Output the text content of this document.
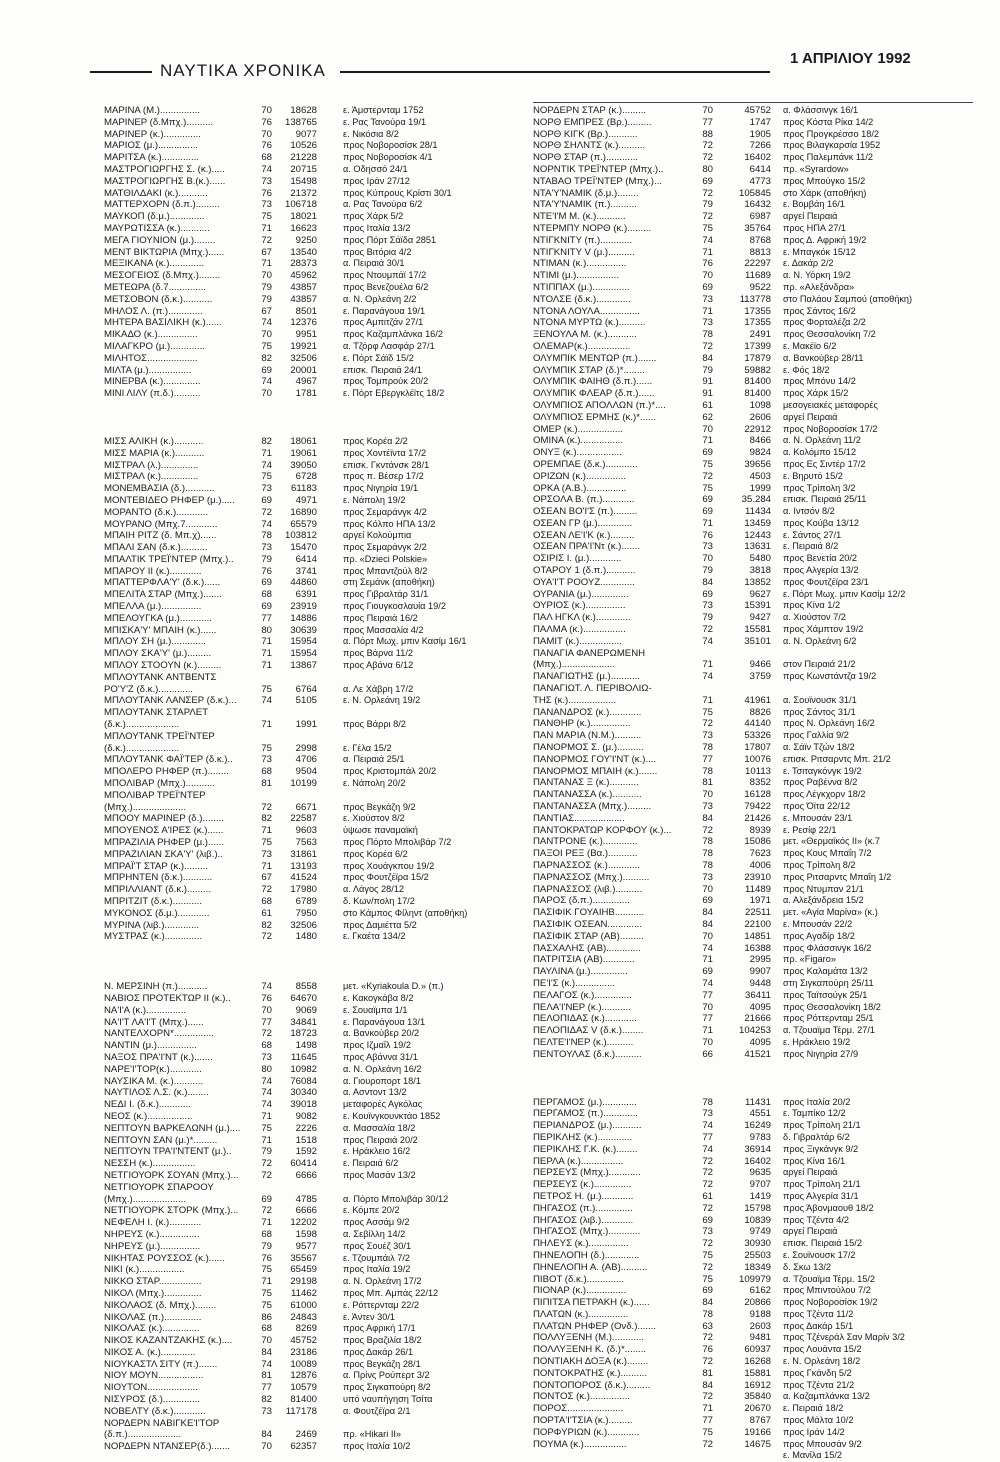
ΝΑΥΤΙΚΑ ΧΡΟΝΙΚΑ
1 ΑΠΡΙΛΙΟΥ 1992
ΜΑΡΙΝΑ (Μ.)...............	70	18628	ε. Άμστερνταμ 1752
ΜΑΡΙΝΕΡ (δ.Μπχ.)..........	76	138765	ε. Ρας Τανούρα 19/1
ΜΑΡΙΝΕΡ (κ.)..............	70	9077	ε. Νικόσια 8/2
ΜΑΡΙΟΣ (μ.)...............	76	10526	προς Νοβοροσίσκ 28/1
ΜΑΡΙΤΣΑ (κ.)..............	68	21228	προς Νοβοροσίσκ 4/1
ΜΑΣΤΡΟΓΙΩΡΓΗΣ Σ. (κ.).....	74	20715	α. Οδησσό 24/1
ΜΑΣΤΡΟΓΙΩΡΓΗΣ Β.(κ.)......	73	15498	προς Ιράν 27/12
ΜΑΤΘΙΛΔΑΚΙ (κ.)...........	76	21372	προς Κύπρους Κρίστι 30/1
ΜΑΤΤΕΡΧΟΡΝ (δ.π.).........	73	106718	α. Ρας Τανούρα 6/2
ΜΑΥΚΟΠ (δ.μ.).............	75	18021	προς Χάρκ 5/2
ΜΑΥΡΩΤΙΣΣΑ (κ.)...........	71	16623	προς Ιταλία 13/2
ΜΕΓΑ ΓΙΟΥΝΙΟΝ (μ.)........	72	9250	προς Πόρτ Σάϊδα 2851
ΜΕΝΤ ΒΙΚΤΩΡΙΑ (Μπχ.)......	67	13540	προς Βιτόρια 4/2
ΜΕΞΙΚΑΝΑ (κ.).............	71	28373	α. Πειραιά 30/1
ΜΕΣΟΓΕΙΟΣ (δ.Μπχ.)........	70	45962	προς Ντουμπάϊ 17/2
ΜΕΤΕΩΡΑ (δ.7..............	79	43857	προς Βενεζουέλα 6/2
ΜΕΤΣΟΒΟΝ (δ.κ.)...........	79	43857	α. Ν. Ορλεάνη 2/2
ΜΗΛΟΣ Λ. (π.).............	67	8501	ε. Παρανάγουα 19/1
ΜΗΤΕΡΑ ΒΑΣΙΛΙΚΗ (κ.)......	74	12376	προς Αμπιτζάν 27/1
ΜΙΚΑΔΟ (κ.)...............	70	9951	προς Καζαμπλάνκα 16/2
ΜΙΛΑΓΚΡΟ (μ.).............	75	19921	α. Τζόρφ Λασφάρ 27/1
ΜΙΛΗΤΟΣ...................	82	32506	ε. Πόρτ Σάϊδ 15/2
ΜΙΛΤΑ (μ.)................	69	20001	επισκ. Πειραιά 24/1
ΜΙΝΕΡΒΑ (κ.)..............	74	4967	προς Τομπρούκ 20/2
ΜΙΝΙ ΛΙΛΥ (π.δ.)..........	70	1781	ε. Πόρτ Εβεργκλέϊτς 18/2
ΜΙΣΣ ΑΛΙΚΗ (κ.)...........	82	18061	προς Κορέα 2/2
ΜΙΣΣ ΜΑΡΙΑ (κ.)...........	71	19061	προς Χοντέϊντα 17/2
ΜΙΣΤΡΑΛ (λ.)..............	74	39050	επισκ. Γκντάνσκ 28/1
ΜΙΣΤΡΑΛ (κ.)..............	75	6728	προς π. Βέσερ 17/2
ΜΟΝΕΜΒΑΣΙΑ (δ.)...........	73	61183	προς Νιγηρία 19/1
ΜΟΝΤΕΒΙΔΕΟ ΡΗΦΕΡ (μ.).....	69	4971	ε. Νάπολη 19/2
ΜΟΡΑΝΤΟ (δ.κ.)............	72	16890	προς Σεμαράνγκ 4/2
ΜΟΥΡΑΝΟ (Μπχ.7............	74	65579	προς Κόλπο ΗΠΑ 13/2
ΜΠΑΙΗ ΡΙΤΖ (δ. Μπ.χ)......	78	103812	αργεί Κολούμπια
ΜΠΑΛΙ ΣΑΝ (δ.κ.)..........	73	15470	προς Σεμαράνγκ 2/2
ΜΠΑΛΤΙΚ ΤΡΕΪ'ΝΤΕΡ (Μπχ.)..	79	6414	πρ. «Dzieci Polskie»
ΜΠΑΡΟΥ ΙΙ (κ.)............	76	3741	προς Μπαντζούλ 8/2
ΜΠΑΤΤΕΡΦΛΑ'Υ' (δ.κ.)......	69	44860	στη Σεμάνκ (αποθήκη)
ΜΠΕΛΙΤΑ ΣΤΑΡ (Μπχ.).......	68	6391	προς Γιβραλτάρ 31/1
ΜΠΕΛΛΑ (μ.)...............	69	23919	προς Γιουγκοσλαυία 19/2
ΜΠΕΛΟΥΓΚΑ (μ.)............	77	14886	προς Πειραιά 16/2
ΜΠΙΣΚΑ'Υ' ΜΠΑΙΗ (κ.)......	80	30639	προς Μασσαλία 4/2
ΜΠΛΟΥ ΣΗ (μ.).............	71	15954	α. Πόρτ Μωχ. μπιν Κασίμ 16/1
ΜΠΛΟΥ ΣΚΑ'Υ' (μ.).........	71	15954	προς Βάρνα 11/2
ΜΠΛΟΥ ΣΤΟΟΥΝ (κ.).........	71	13867	προς Αβάνα 6/12
ΜΠΛΟΥΤΑΝΚ ΑΝΤΒΕΝΤΣ
ΡΟ'Υ'Ζ (δ.κ.).............	75	6764	α. Λε Χάβρη 17/2
ΜΠΛΟΥΤΑΝΚ ΛΑΝΣΕΡ (δ.κ.)...	74	5105	ε. Ν. Ορλεάνη 19/2
ΜΠΛΟΥΤΑΝΚ ΣΤΑΡΛΕΤ
(δ.κ.)....................	71	1991	προς Βάρρι 8/2
ΜΠΛΟΥΤΑΝΚ ΤΡΕΪ'ΝΤΕΡ
(δ.κ.)....................	75	2998	ε. Γέλα 15/2
ΜΠΛΟΥΤΑΝΚ ΦΑΪ'ΤΕΡ (δ.κ.)..	73	4706	α. Πειραιά 25/1
ΜΠΟΛΕΡΟ ΡΗΦΕΡ (π.)........	68	9504	προς Κριστομπάλ 20/2
ΜΠΟΛΙΒΑΡ (Μπχ.)...........	81	10199	ε. Νάπολη 20/2
ΜΠΟΛΙΒΑΡ ΤΡΕΪ'ΝΤΕΡ
(Μπχ.)....................	72	6671	προς Βεγκάζη 9/2
ΜΠΟΟΥ ΜΑΡΙΝΕΡ (δ.)........	82	22587	ε. Χιούστον 8/2
ΜΠΟΥΕΝΟΣ Α'ΙΡΕΣ (κ.)......	71	9603	ύψωσε παναμαϊκή
ΜΠΡΑΖΙΛΙΑ ΡΗΦΕΡ (μ.)......	75	7563	προς Πόρτο Μπολιβάρ 7/2
ΜΠΡΑΖΙΛΙΑΝ ΣΚΑ'Υ' (λιβ.)..	73	31861	προς Κορέα 6/2
ΜΠΡΑΪ'Τ ΣΤΑΡ (κ.).........	71	13193	προς Χουάγκπου 19/2
ΜΠΡΗΝΤΕΝ (δ.κ.)...........	67	41524	προς Φουτζέϊρα 15/2
ΜΠΡΙΛΛΙΑΝΤ (δ.κ.).........	72	17980	α. Λάγος 28/12
ΜΠΡΙΤΖΙΤ (δ.κ.)...........	68	6789	δ. Κων/πολη 17/2
ΜΥΚΟΝΟΣ (δ.μ.)............	61	7950	στο Κάμπος Φίληντ (αποθήκη)
ΜΥΡΙΝΑ (λιβ.).............	82	32506	προς Δαμιέττα 5/2
ΜΥΣΤΡΑΣ (κ.)..............	72	1480	ε. Γκαέτα 134/2
Ν. ΜΕΡΣΙΝΗ (π.)...........	74	8558	μετ. «Kyriakoula D.» (π.)
ΝΑΒΙΟΣ ΠΡΟΤΕΚΤΩΡ ΙΙ (κ.)..	76	64670	ε. Κακογκάβα 8/2
ΝΑ'Ι'Α (κ.)...............	70	9069	ε. Σουαϊμπα 1/1
ΝΑ'Ι'Τ ΛΑ'Ι'Τ (Μπχ.)......	77	34841	ε. Παρανάγουα 13/1
ΝΑΝΤΕΛΧΟΡΝ*...............	72	18723	α. Βανκούβερ 20/2
ΝΑΝΤΙΝ (μ.)...............	68	1498	προς Ιζμαΐλ 19/2
ΝΑΞΟΣ ΠΡΑ'Ι'ΝΤ (κ.).......	73	11645	προς Αβάννα 31/1
ΝΑΡΕ'Ι'ΤΟΡ(κ.)............	80	10982	α. Ν. Ορλεάνη 16/2
ΝΑΥΣΙΚΑ Μ. (κ.)...........	74	76084	α. Γιουροπορτ 18/1
ΝΑΥΤΙΛΟΣ Λ.Σ. (κ.)........	74	30340	α. Ασντοντ 13/2
ΝΕΔΙ Ι. (δ.κ.)............	74	39018	μεταφορές Αγκόλας
ΝΕΟΣ (κ.).................	71	9082	ε. Κουϊνγκουνκτάο 1852
ΝΕΠΤΟΥΝ ΒΑΡΚΕΛΩΝΗ (μ.)....	75	2226	α. Μασσαλία 18/2
ΝΕΠΤΟΥΝ ΣΑΝ (μ.)*.........	71	1518	προς Πειραιά 20/2
ΝΕΠΤΟΥΝ ΤΡΑ'Ι'ΝΤΕΝΤ (μ.)..	79	1592	ε. Ηράκλειο 16/2
ΝΕΣΣΗ (κ.)................	72	60414	ε. Πειραιά 6/2
ΝΕΤΓΙΟΥΟΡΚ ΣΟΥΑΝ (Μπχ.)...	72	6666	προς Μασάν 13/2
ΝΕΤΓΙΟΥΟΡΚ ΣΠΑΡΟΟΥ
(Μπχ.)....................	69	4785	α. Πόρτο Μπολιβάρ 30/12
ΝΕΤΓΙΟΥΟΡΚ ΣΤΟΡΚ (Μπχ.)...	72	6666	ε. Κόμπε 20/2
ΝΕΦΕΛΗ Ι. (κ.)............	71	12202	προς Ασσάμ 9/2
ΝΗΡΕΥΣ (κ.)...............	68	1598	α. Σεβίλλη 14/2
ΝΗΡΕΥΣ (μ.)...............	79	9577	προς Σουέζ 30/1
ΝΙΚΗΤΑΣ ΡΟΥΣΣΟΣ (κ.)......	76	35567	ε. Τζουμπάιλ 7/2
ΝΙΚΙ (κ.).................	75	65459	προς Ιταλία 19/2
ΝΙΚΚΟ ΣΤΑΡ................	71	29198	α. Ν. Ορλεάνη 17/2
ΝΙΚΟΛ (Μπχ.)..............	75	11462	προς Μπ. Αμπάς 22/12
ΝΙΚΟΛΑΟΣ (δ. Μπχ.)........	75	61000	ε. Ρόττερνταμ 22/2
ΝΙΚΟΛΑΣ (π.)..............	86	24843	ε. Άντεν 30/1
ΝΙΚΟΛΑΣ (κ.)..............	68	8269	προς Αφρική 17/1
ΝΙΚΟΣ ΚΑΖΑΝΤΖΑΚΗΣ (κ.)....	70	45752	προς Βραζιλία 18/2
ΝΙΚΟΣ Α. (κ.).............	84	23186	προς Δακάρ 26/1
ΝΙΟΥΚΑΣΤΛ ΣΙΤΥ (π.).......	74	10089	προς Βεγκάζη 28/1
ΝΙΟΥ ΜΟΥΝ.................	81	12876	α. Πρίνς Ρούπερτ 3/2
ΝΙΟΥΤΟΝ...................	77	10579	προς Σιγκαπούρη 8/2
ΝΙΣΥΡΟΣ (δ.)..............	82	81400	υπό ναυπήγηση Τσίτα
ΝΟΒΕΛΤΥ (δ.κ.)............	73	117178	α. Φουτζέϊρα 2/1
ΝΟΡΔΕΡΝ ΝΑΒΙΓΚΕ'Ι'ΤΟΡ
(δ.π.)....................	84	2469	πρ. «Hikari II»
ΝΟΡΔΕΡΝ ΝΤΑΝΣΕΡ(δ.).......	70	62357	προς Ιταλία 10/2
ΝΟΡΔΕΡΝ ΣΤΑΡ (κ.).........	70	45752	α. Φλάσσινγκ 16/1
ΝΟΡΘ ΕΜΠΡΕΣ (Βρ.).........	77	1747	προς Κόστα Ρίκα 14/2
ΝΟΡΘ ΚΙΓΚ (Βρ.)...........	88	1905	προς Προγκρέσσο 18/2
ΝΟΡΘ ΣΗΛΝΤΣ (κ.)..........	72	7266	προς Βιλαγκαρσία 1952
ΝΟΡΘ ΣΤΑΡ (π.)............	72	16402	προς Παλεμπάνκ 11/2
ΝΟΡΝΤΙΚ ΤΡΕΪ'ΝΤΕΡ (Μπχ.)..	80	6414	πρ. «Syrardow»
ΝΤΑΒΑΟ ΤΡΕΪ'ΝΤΕΡ (Μπχ.)...	69	4773	προς Μπούγκο 15/2
ΝΤΑ'Υ'ΝΑΜΙΚ (δ.μ.)........	72	105845	στο Χάρκ (αποθήκη)
ΝΤΑ'Υ'ΝΑΜΙΚ (π.)..........	79	16432	ε. Βομβάη 16/1
ΝΤΕ'Ι'Μ Μ. (κ.)...........	72	6987	αργεί Πειραιά
ΝΤΕΡΜΠΥ ΝΟΡΘ (κ.).........	75	35764	προς ΗΠΑ 27/1
ΝΤΙΓΚΝΙΤΥ (π.)............	74	8768	προς Δ. Αφρική 19/2
ΝΤΙΓΚΝΙΤΥ V (μ.)..........	71	8813	ε. Μπαγκόκ 15/12
ΝΤΙΜΑΝ (κ.)...............	76	22297	ε. Δακάρ 2/2
ΝΤΙΜΙ (μ.)................	70	11689	α. Ν. Υόρκη 19/2
ΝΤΙΠΠΑΧ (μ.)..............	69	9522	πρ. «Αλεξάνδρα»
ΝΤΟΛΣΕ (δ.κ.).............	73	113778	στο Παλάου Σαμπού (αποθήκη)
ΝΤΟΝΑ ΛΟΥΛΑ...............	71	17355	προς Σάντος 16/2
ΝΤΟΝΑ ΜΥΡΤΩ (κ.)..........	73	17355	προς Φορταλέζα 2/2
ΞΕΝΟΥΛΑ Μ. (κ.)...........	78	2491	προς Θεσσαλονίκη 7/2
ΟΛΕΜΑΡ(κ.)................	72	17399	ε. Μακέϊο 6/2
ΟΛΥΜΠΙΚ ΜΕΝΤΩΡ (π.).......	84	17879	α. Βανκούβερ 28/11
ΟΛΥΜΠΙΚ ΣΤΑΡ (δ.)*........	79	59882	ε. Φός 18/2
ΟΛΥΜΠΙΚ ΦΑΙΗΘ (δ.π.)......	91	81400	προς Μπόνυ 14/2
ΟΛΥΜΠΙΚ ΦΛΕΑΡ (δ.π.)......	91	81400	προς Χάρκ 15/2
ΟΛΥΜΠΙΟΣ ΑΠΟΛΛΩΝ (π.)*....	61	1098	μεσογειακές μεταφορές
ΟΛΥΜΠΙΟΣ ΕΡΜΗΣ (κ.)*......	62	2606	αργεί Πειραιά
ΟΜΕΡ (κ.).................	70	22912	προς Νοβοροσίσκ 17/2
ΟΜΙΝΑ (κ.)................	71	8466	α. Ν. Ορλεάνη 11/2
ΟΝΥΞ (κ.).................	69	9824	α. Κολόμπο 15/12
ΟΡΕΜΠΑΕ (δ.κ.)............	75	39656	προς Ες Σιντέρ 17/2
ΟΡΙΖΩΝ (κ.)...............	72	4503	ε. Βηρυτό 15/2
ΟΡΚΑ (Α.Β.)...............	75	1999	προς Τρίπολη 3/2
ΟΡΣΟΛΑ Β. (π.)............	69	35.284	επισκ. Πειραιά 25/11
ΟΣΕΑΝ ΒΟ'Ι'Σ (π.).........	69	11434	α. Ιντσόν 8/2
ΟΣΕΑΝ ΓΡ (μ.).............	71	13459	προς Κούβα 13/12
ΟΣΕΑΝ ΛΕ'Ι'Κ (κ.).........	76	12443	ε. Σάντος 27/1
ΟΣΕΑΝ ΠΡΑ'Ι'Ντ (κ.).......	73	13631	ε. Πειραιά 8/2
ΟΣΙΡΙΣ Ι. (μ.)............	70	5480	προς Βενετία 20/2
ΟΤΑΡΟΥ 1 (δ.π.)...........	79	3818	προς Αλγερία 13/2
ΟΥΑ'Ι'Τ ΡΟΟΥΖ.............	84	13852	προς Φουτζέϊρα 23/1
ΟΥΡΑΝΙΑ (μ.)..............	69	9627	ε. Πόρτ Μωχ. μπιν Κασίμ 12/2
ΟΥΡΙΟΣ (κ.)...............	73	15391	προς Κίνα 1/2
ΠΑΛ ΗΓΚΛ (κ.).............	79	9427	α. Χιούστον 7/2
ΠΑΛΜΑ (κ.)................	72	15581	προς Χάμπτον 19/2
ΠΑΜΙΤ (κ.)................	74	35101	α. Ν. Ορλεάνη 6/2
ΠΑΝΑΓΙΑ ΦΑΝΕΡΩΜΕΝΗ
(Μπχ.)....................	71	9466	στον Πειραιά 21/2
ΠΑΝΑΓΙΩΤΗΣ (μ.)...........	74	3759	προς Κωνστάντζα 19/2
ΠΑΝΑΓΙΩΤ. Λ. ΠΕΡΙΒΟΛΙΩ-
ΤΗΣ (κ.)..................	71	41961	α. Σουϊνουσκ 31/1
ΠΑΝΑΝΔΡΟΣ (κ.)............	75	8826	προς Σάντος 31/1
ΠΑΝΘΗΡ (κ.)...............	72	44140	προς Ν. Ορλεάνη 16/2
ΠΑΝ ΜΑΡΙΑ (Ν.Μ.)..........	73	53326	προς Γαλλία 9/2
ΠΑΝΟΡΜΟΣ Σ. (μ.)..........	78	17807	α. Σάϊν Τζών 18/2
ΠΑΝΟΡΜΟΣ ΓΟΥ'Ι'ΝΤ (κ.)....	77	10076	επισκ. Ριτσαρντς Μπ. 21/2
ΠΑΝΟΡΜΟΣ ΜΠΑΙΗ (κ.).......	78	10113	ε. Τσιταγκόνγκ 19/2
ΠΑΝΤΑΝΑΣ Ξ (κ.)...........	81	8352	προς Ραβέννα 8/2
ΠΑΝΤΑΝΑΣΣΑ (κ.)...........	70	16128	προς Λέγκχορν 18/2
ΠΑΝΤΑΝΑΣΣΑ (Μπχ.).........	73	79422	προς Όϊτα 22/12
ΠΑΝΤΙΑΣ...................	84	21426	ε. Μπουσάν 23/1
ΠΑΝΤΟΚΡΑΤΩΡ ΚΟΡΦΟΥ (κ.)...	72	8939	ε. Ρεσίφ 22/1
ΠΑΝΤΡΟΝΕ (κ.).............	78	15086	μετ. «Θερμαϊκός ΙΙ» (κ.7
ΠΑΞΟΙ ΡΕΞ (Βα.)...........	78	7623	προς Κους Μπαΐη 7/2
ΠΑΡΝΑΣΣΟΣ (κ.)............	78	4006	προς Τρίπολη 8/2
ΠΑΡΝΑΣΣΟΣ (Μπχ.)..........	73	23910	προς Ριτσαρντς Μπαΐη 1/2
ΠΑΡΝΑΣΣΟΣ (λιβ.)..........	70	11489	προς Ντυμπαν 21/1
ΠΑΡΟΣ (δ.π.)..............	69	1971	α. Αλεξάνδρεια 15/2
ΠΑΣΙΦΙΚ ΓΟΥΑΙΗΒ...........	84	22511	μετ. «Αγία Μαρίνα» (κ.)
ΠΑΣΙΦΙΚ ΟΣΕΑΝ.............	84	22100	ε. Μπουσάν 22/2
ΠΑΣΙΦΙΚ ΣΤΑΡ (ΑΒ).........	70	14851	προς Αγαδίρ 18/2
ΠΑΣΧΑΛΗΣ (ΑΒ).............	74	16388	προς Φλάσσινγκ 16/2
ΠΑΤΡΙΤΣΙΑ (ΑΒ)............	71	2995	πρ. «Figaro»
ΠΑΥΛΙΝΑ (μ.)..............	69	9907	προς Καλαμάτα 13/2
ΠΕ'Ι'Σ (κ.)...............	74	9448	στη Σιγκαπούρη 25/11
ΠΕΛΑΓΟΣ (κ.)..............	77	36411	προς Ταϊτσούγκ 25/1
ΠΕΛΑ'Ι'ΝΕΡ (κ.)...........	70	4095	προς Θεσσαλονίκη 18/2
ΠΕΛΟΠΙΔΑΣ (κ.)............	77	21666	προς Ρόττερνταμ 25/1
ΠΕΛΟΠΙΔΑΣ V (δ.κ.)........	71	104253	α. Τζουαϊμα Τέρμ. 27/1
ΠΕΛΤΕ'Ι'ΝΕΡ (κ.)..........	70	4095	ε. Ηράκλειο 19/2
ΠΕΝΤΟΥΛΑΣ (δ.κ.)..........	66	41521	προς Νιγηρία 27/9
ΠΕΡΓΑΜΟΣ (μ.).............	78	11431	προς Ιταλία 20/2
ΠΕΡΓΑΜΟΣ (π.).............	73	4551	ε. Ταμπίκο 12/2
ΠΕΡΙΑΝΔΡΟΣ (μ.)...........	74	16249	προς Τρίπολη 21/1
ΠΕΡΙΚΛΗΣ (κ.).............	77	9783	δ. Γιβραλτάρ 6/2
ΠΕΡΙΚΛΗΣ Γ.Κ. (κ.)........	74	36914	προς Ξιγκάνγκ 9/2
ΠΕΡΛΑ (κ.)................	72	16402	προς Κίνα 16/1
ΠΕΡΣΕΥΣ (Μπχ.)............	72	9635	αργεί Πειραιά
ΠΕΡΣΕΥΣ (κ.)..............	72	9707	προς Τρίπολη 21/1
ΠΕΤΡΟΣ Η. (μ.)............	61	1419	προς Αλγερία 31/1
ΠΗΓΑΣΟΣ (π.)..............	72	15798	προς Άβονμαουθ 18/2
ΠΗΓΑΣΟΣ (λιβ.)............	69	10839	προς Τζέντα 4/2
ΠΗΓΑΣΟΣ (Μπχ.)............	73	9749	αργεί Πειραιά
ΠΗΛΕΥΣ (κ.)...............	72	30930	επισκ. Πειραιά 15/2
ΠΗΝΕΛΟΠΗ (δ.).............	75	25503	ε. Σουϊνουσκ 17/2
ΠΗΝΕΛΟΠΗ Α. (ΑΒ)..........	72	18349	δ. Σκω 13/2
ΠΙΒΟΤ (δ.κ.)..............	75	109979	α. Τζουαϊμα Τέρμ. 15/2
ΠΙΟΝΑΡ (κ.)...............	69	6162	προς Μπιντούλου 7/2
ΠΙΠΙΤΣΑ ΠΕΤΡΑΚΗ (κ.)......	84	20866	προς Νοβοροσίσκ 19/2
ΠΛΑΤΩΝ (κ.)...............	78	9188	προς Τζέντα 11/2
ΠΛΑΤΩΝ ΡΗΦΕΡ (Ονδ.).......	63	2603	προς Δακάρ 15/1
ΠΟΛΛΥΞΕΝΗ (Μ.)............	72	9481	προς Τζένεράλ Σαν Μαρίν 3/2
ΠΟΛΛΥΞΕΝΗ Κ. (δ.)*........	76	60937	προς Λουάντα 15/2
ΠΟΝΤΙΑΚΗ ΔΟΞΑ (κ.)........	72	16268	ε. Ν. Ορλεάνη 18/2
ΠΟΝΤΟΚΡΑΤΗΣ (κ.)..........	81	15881	προς Γκάνδη 5/2
ΠΟΝΤΟΠΟΡΟΣ (δ.κ.).........	84	16912	προς Τζέντα 21/2
ΠΟΝΤΟΣ (κ.)...............	72	35840	α. Καζαμπλάνκα 13/2
ΠΟΡΟΣ.....................	71	20670	ε. Πειραιά 18/2
ΠΟΡΤΑ'Ι'ΤΣΙΑ (κ.).........	77	8767	προς Μάλτα 10/2
ΠΟΡΦΥΡΙΩΝ (κ.)............	75	19166	προς Ιράν 14/2
ΠΟΥΜΑ (κ.)................	72	14675	προς Μπουσάν 9/2
ε. Μανίλα 15/2
